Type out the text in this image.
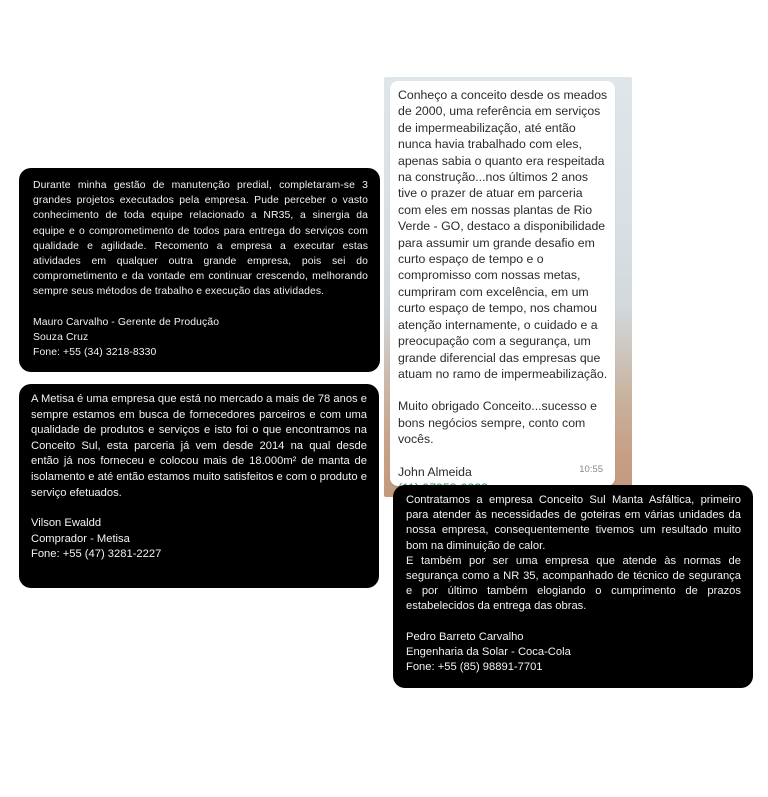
Durante minha gestão de manutenção predial, completaram-se 3 grandes projetos executados pela empresa. Pude perceber o vasto conhecimento de toda equipe relacionado a NR35, a sinergia da equipe e o comprometimento de todos para entrega do serviços com qualidade e agilidade. Recomento a empresa a executar estas atividades em qualquer outra grande empresa, pois sei do comprometimento e da vontade em continuar crescendo, melhorando sempre seus métodos de trabalho e execução das atividades.

Mauro Carvalho - Gerente de Produção

Souza Cruz

Fone: +55 (34) 3218-8330

A Metisa é uma empresa que está no mercado a mais de 78 anos e sempre estamos em busca de fornecedores parceiros e com uma qualidade de produtos e serviços e isto foi o que encontramos na Conceito Sul, esta parceria já vem desde 2014 na qual desde então já nos forneceu e colocou mais de 18.000m² de manta de isolamento e até então estamos muito satisfeitos e com o produto e serviço efetuados.

Vilson Ewaldd

Comprador - Metisa

Fone: +55 (47) 3281-2227

Conheço a conceito desde os meados de 2000, uma referência em serviços de impermeabilização, até então nunca havia trabalhado com eles, apenas sabia o quanto era respeitada na construção...nos últimos 2 anos tive o prazer de atuar em parceria com eles em nossas plantas de Rio Verde - GO, destaco a disponibilidade para assumir um grande desafio em curto espaço de tempo e o compromisso com nossas metas, cumpriram com excelência, em um curto espaço de tempo, nos chamou atenção internamente, o cuidado e a preocupação com a segurança, um grande diferencial das empresas que atuam no ramo de impermeabilização.

Muito obrigado Conceito...sucesso e bons negócios sempre, conto com vocês.

John Almeida	10:55

Contratamos a empresa Conceito Sul Manta Asfáltica, primeiro para atender às necessidades de goteiras em várias unidades da nossa empresa, consequentemente tivemos um resultado muito bom na diminuição de calor.

E também por ser uma empresa que atende às normas de segurança como a NR 35, acompanhado de técnico de segurança e por último também elogiando o cumprimento de prazos estabelecidos da entrega das obras.

Pedro Barreto Carvalho

Engenharia da Solar - Coca-Cola

Fone: +55 (85) 98891-7701
